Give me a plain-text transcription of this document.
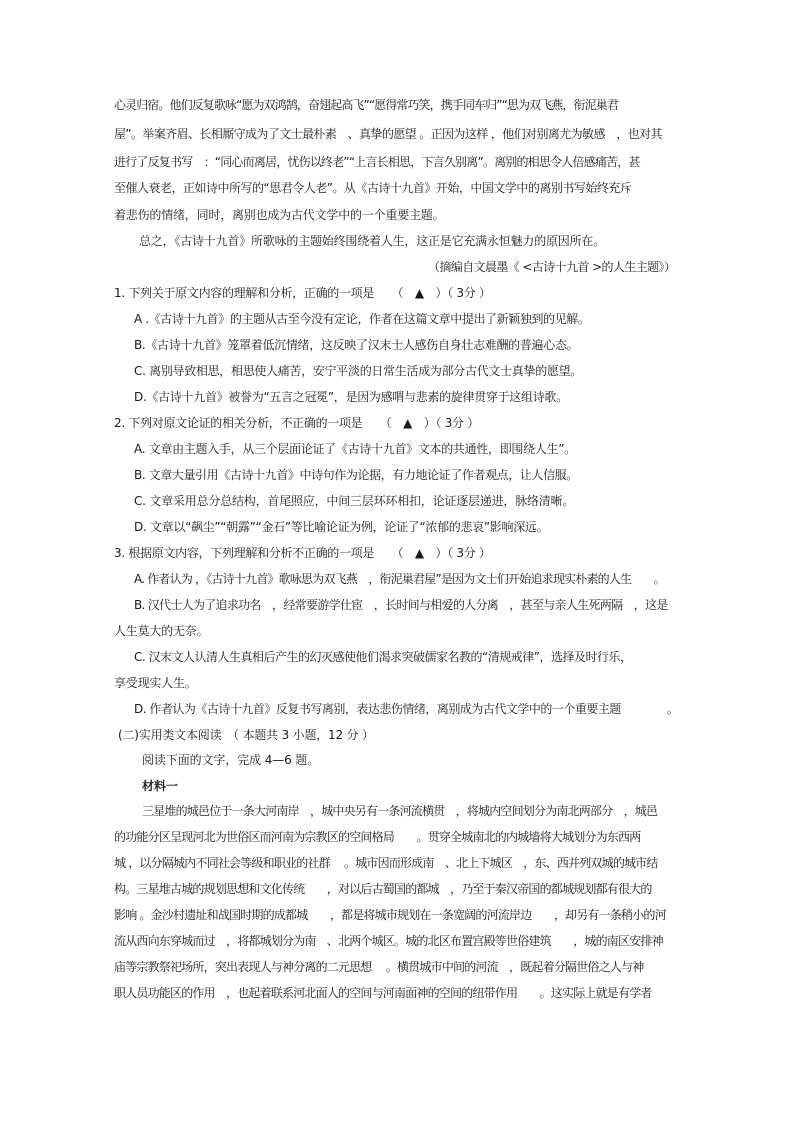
心灵归宿。他们反复歌咏“愿为双鸿鹄，奋翅起高飞”“愿得常巧笑，携手同车归”“思为双飞燕，衔泥巢君
屋”。举案齐眉、长相厮守成为了文士最朴素　、真挚的愿望 。正因为这样 ，他们对别离尤为敏感　，也对其
进行了反复书写　：“同心而离居，忧伤以终老”“上言长相思，下言久别离”。离别的相思令人倍感痛苦，甚
至催人衰老，正如诗中所写的“思君令人老”。从《古诗十九首》开始，中国文学中的离别书写始终充斥
着悲伤的情绪，同时，离别也成为古代文学中的一个重要主题。
总之，《古诗十九首》所歌咏的主题始终围绕着人生，这正是它充满永恒魅力的原因所在。
（摘编自文晨墨《 <古诗十九首 >的人生主题》）
1. 下列关于原文内容的理解和分析，正确的一项是　　（　▲　）（ 3分 ）
A .《古诗十九首》的主题从古至今没有定论，作者在这篇文章中提出了新颖独到的见解。
B.《古诗十九首》笼罩着低沉情绪，这反映了汉末士人感伤自身壮志难酬的普遍心态。
C. 离别导致相思，相思使人痛苦，安宁平淡的日常生活成为部分古代文士真挚的愿望。
D.《古诗十九首》被誉为“五言之冠冕”，是因为感喟与悲素的旋律贯穿于这组诗歌。
2. 下列对原文论证的相关分析，不正确的一项是　　（　▲　）（ 3分 ）
A. 文章由主题入手，从三个层面论证了《古诗十九首》文本的共通性，即围绕人生”。
B. 文章大量引用《古诗十九首》中诗句作为论据，有力地论证了作者观点，让人信服。
C. 文章采用总分总结构，首尾照应，中间三层环环相扣，论证逐层递进，脉络清晰。
D. 文章以“飙尘”“朝露”“金石”等比喻论证为例，论证了“浓郁的悲哀”影响深远。
3. 根据原文内容，下列理解和分析不正确的一项是　　（　▲　）（ 3分 ）
A. 作者认为 ，《古诗十九首》歌咏思为双飞燕　，衔泥巢君屋”是因为文士们开始追求现实朴素的人生　　。
B. 汉代士人为了追求功名　，经常要游学仕宦　，长时间与相爱的人分离　，甚至与亲人生死两隔　，这是
人生莫大的无奈。
C. 汉末文人认清人生真相后产生的幻灭感使他们渴求突破儒家名教的“清规戒律”，选择及时行乐，
享受现实人生。
D. 作者认为《古诗十九首》反复书写离别，表达悲伤情绪，离别成为古代文学中的一个重要主题　　　　。
(二)实用类文本阅读　（ 本题共 3 小题，12 分 ）
阅读下面的文字，完成 4—6 题。
材料一
三星堆的城邑位于一条大河南岸　，城中央另有一条河流横贯　，将城内空间划分为南北两部分　，城邑
的功能分区呈现河北为世俗区而河南为宗教区的空间格局　　。贯穿全城南北的内城墙将大城划分为东西两
城 ，以分隔城内不同社会等级和职业的社群　 。城市因而形成南　、北上下城区　，东、西并列双城的城市结
构。三星堆古城的规划思想和文化传统　　，对以后古蜀国的都城　，乃至于秦汉帝国的都城规划都有很大的
影响 。金沙村遗址和战国时期的成都城　　，都是将城市规划在一条宽阔的河流岸边　　，却另有一条稍小的河
流从西向东穿城而过　，将都城划分为南　、北两个城区。城的北区布置宫殿等世俗建筑　　，城的南区安排神
庙等宗教祭祀场所，突出表现人与神分离的二元思想　 。横贯城市中间的河流　，既起着分隔世俗之人与神
职人员功能区的作用　，也起着联系河北面人的空间与河南面神的空间的纽带作用　　。这实际上就是有学者
